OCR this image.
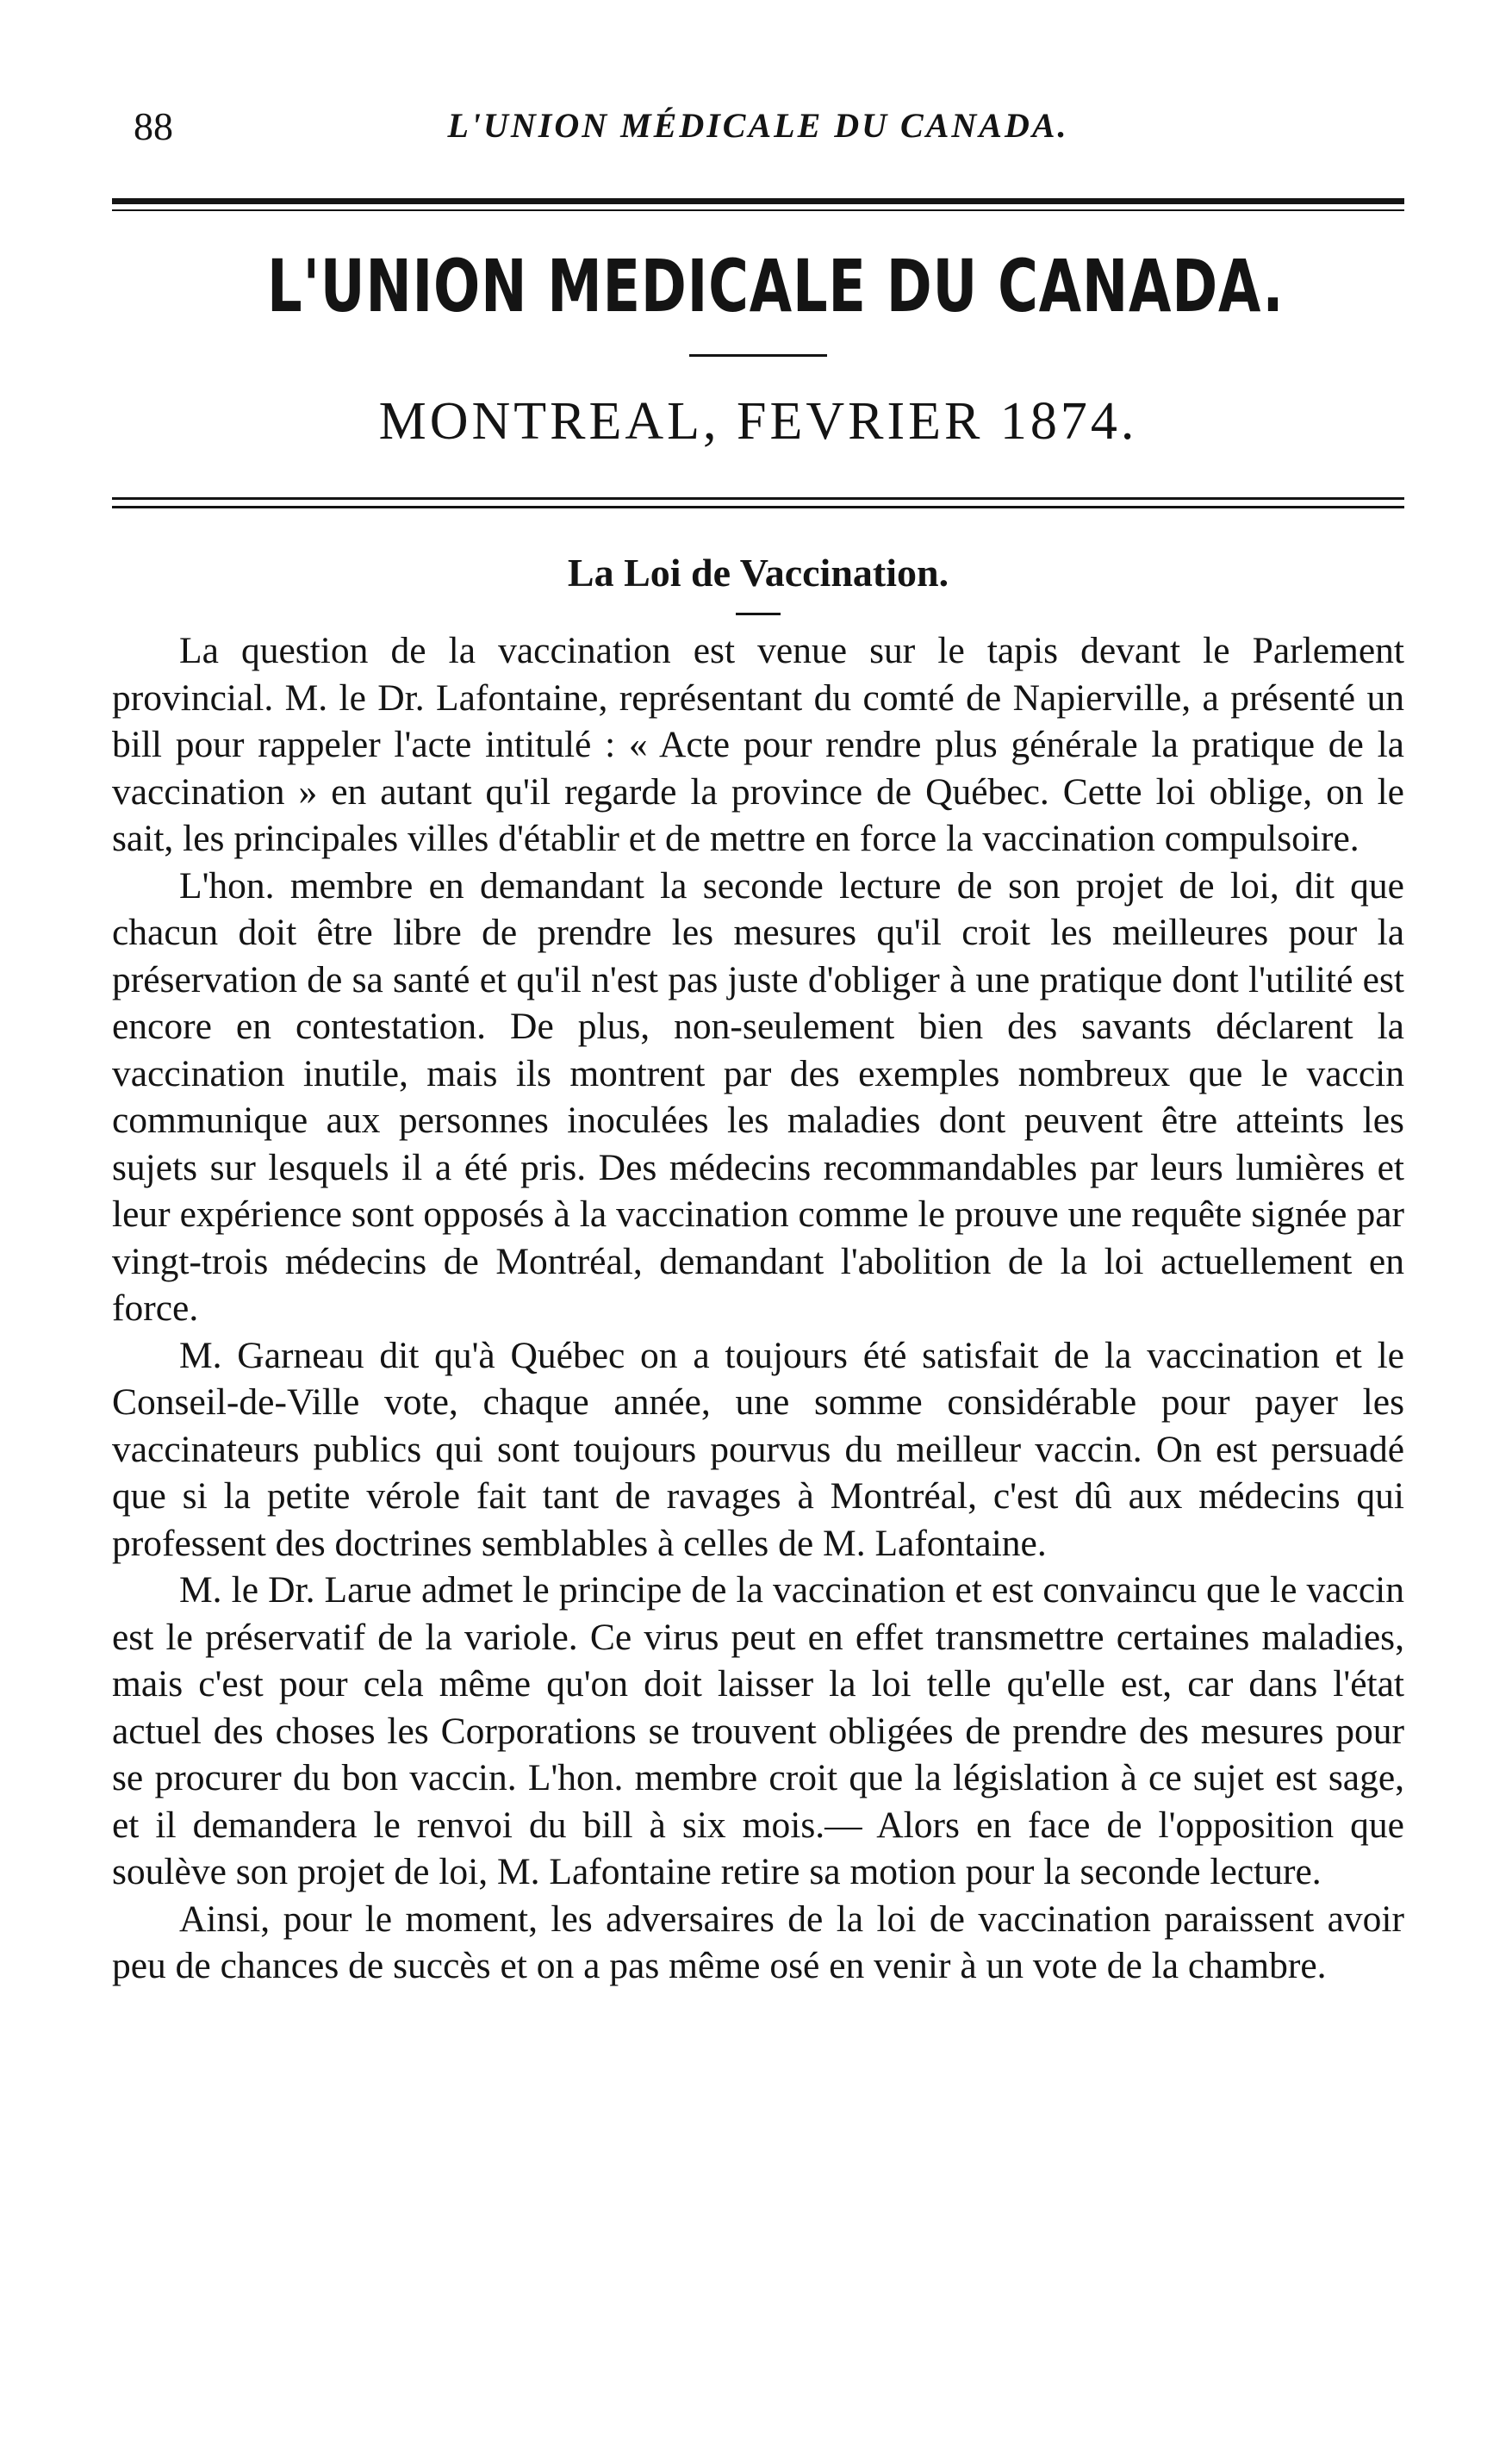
88	L'UNION MÉDICALE DU CANADA.
L'UNION MEDICALE DU CANADA.
MONTREAL, FEVRIER 1874.
La Loi de Vaccination.

La question de la vaccination est venue sur le tapis devant le Parlement provincial. M. le Dr. Lafontaine, représentant du comté de Napierville, a présenté un bill pour rappeler l'acte intitulé : « Acte pour rendre plus générale la pratique de la vaccination » en autant qu'il regarde la province de Québec. Cette loi oblige, on le sait, les principales villes d'établir et de mettre en force la vaccination compulsoire.

L'hon. membre en demandant la seconde lecture de son projet de loi, dit que chacun doit être libre de prendre les mesures qu'il croit les meilleures pour la préservation de sa santé et qu'il n'est pas juste d'obliger à une pratique dont l'utilité est encore en contestation. De plus, non-seulement bien des savants déclarent la vaccination inutile, mais ils montrent par des exemples nombreux que le vaccin communique aux personnes inoculées les maladies dont peuvent être atteints les sujets sur lesquels il a été pris. Des médecins recommandables par leurs lumières et leur expérience sont opposés à la vaccination comme le prouve une requête signée par vingt-trois médecins de Montréal, demandant l'abolition de la loi actuellement en force.

M. Garneau dit qu'à Québec on a toujours été satisfait de la vaccination et le Conseil-de-Ville vote, chaque année, une somme considérable pour payer les vaccinateurs publics qui sont toujours pourvus du meilleur vaccin. On est persuadé que si la petite vérole fait tant de ravages à Montréal, c'est dû aux médecins qui professent des doctrines semblables à celles de M. Lafontaine.

M. le Dr. Larue admet le principe de la vaccination et est convaincu que le vaccin est le préservatif de la variole. Ce virus peut en effet transmettre certaines maladies, mais c'est pour cela même qu'on doit laisser la loi telle qu'elle est, car dans l'état actuel des choses les Corporations se trouvent obligées de prendre des mesures pour se procurer du bon vaccin. L'hon. membre croit que la législation à ce sujet est sage, et il demandera le renvoi du bill à six mois.— Alors en face de l'opposition que soulève son projet de loi, M. Lafontaine retire sa motion pour la seconde lecture.

Ainsi, pour le moment, les adversaires de la loi de vaccination paraissent avoir peu de chances de succès et on a pas même osé en venir à un vote de la chambre.
